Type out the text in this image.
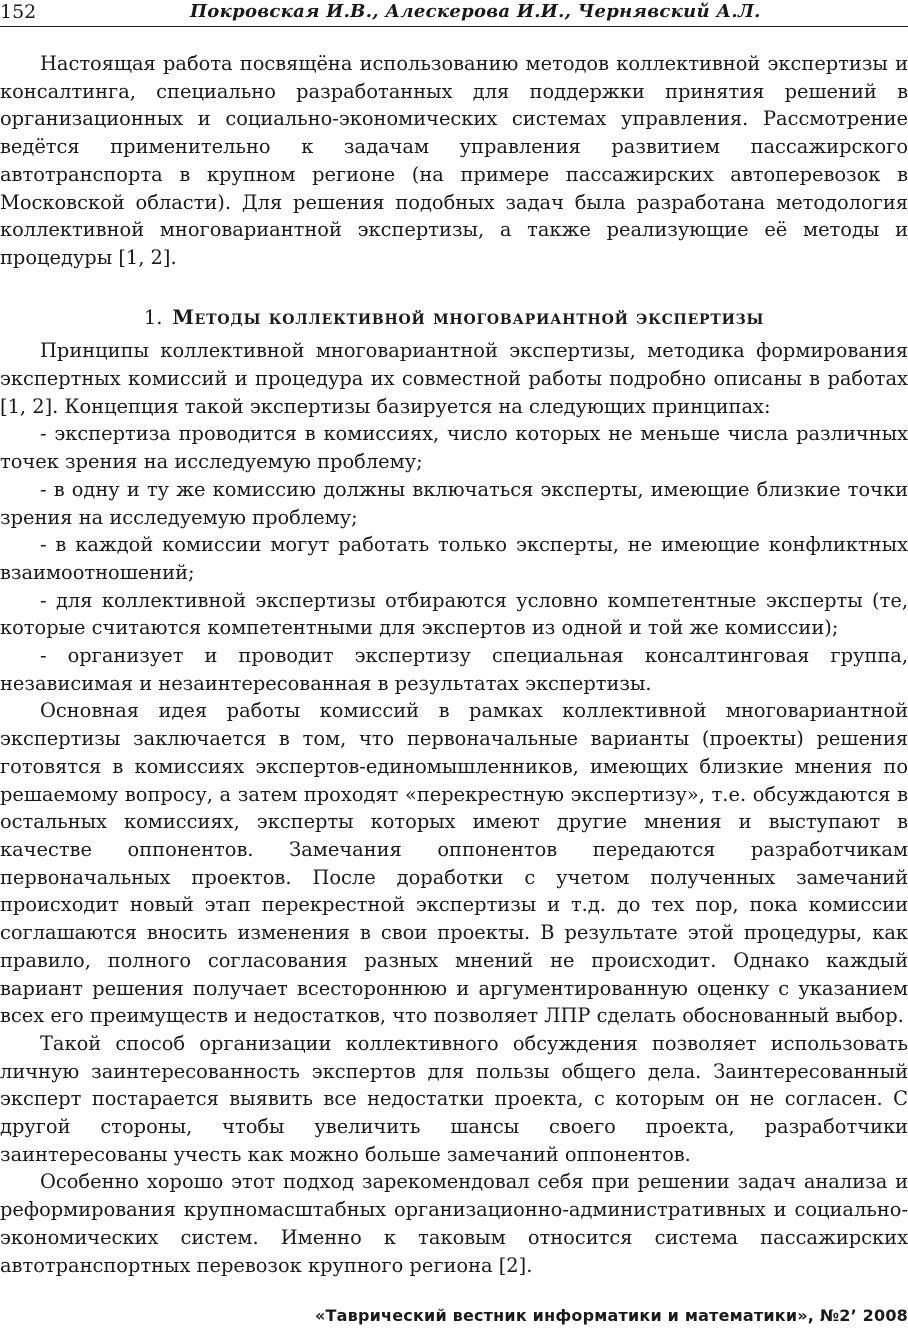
152	Покровская И.В., Алескерова И.И., Чернявский А.Л.

Настоящая работа посвящёна использованию методов коллективной экспертизы и консалтинга, специально разработанных для поддержки принятия решений в организационных и социально-экономических системах управления. Рассмотрение ведётся применительно к задачам управления развитием пассажирского автотранспорта в крупном регионе (на примере пассажирских автоперевозок в Московской области). Для решения подобных задач была разработана методология коллективной многовариантной экспертизы, а также реализующие её методы и процедуры [1, 2].

1. Методы коллективной многовариантной экспертизы

Принципы коллективной многовариантной экспертизы, методика формирования экспертных комиссий и процедура их совместной работы подробно описаны в работах [1, 2]. Концепция такой экспертизы базируется на следующих принципах:

- экспертиза проводится в комиссиях, число которых не меньше числа различных точек зрения на исследуемую проблему;

- в одну и ту же комиссию должны включаться эксперты, имеющие близкие точки зрения на исследуемую проблему;

- в каждой комиссии могут работать только эксперты, не имеющие конфликтных взаимоотношений;

- для коллективной экспертизы отбираются условно компетентные эксперты (те, которые считаются компетентными для экспертов из одной и той же комиссии);

- организует и проводит экспертизу специальная консалтинговая группа, независимая и незаинтересованная в результатах экспертизы.

Основная идея работы комиссий в рамках коллективной многовариантной экспертизы заключается в том, что первоначальные варианты (проекты) решения готовятся в комиссиях экспертов-единомышленников, имеющих близкие мнения по решаемому вопросу, а затем проходят «перекрестную экспертизу», т.е. обсуждаются в остальных комиссиях, эксперты которых имеют другие мнения и выступают в качестве оппонентов. Замечания оппонентов передаются разработчикам первоначальных проектов. После доработки с учетом полученных замечаний происходит новый этап перекрестной экспертизы и т.д. до тех пор, пока комиссии соглашаются вносить изменения в свои проекты. В результате этой процедуры, как правило, полного согласования разных мнений не происходит. Однако каждый вариант решения получает всестороннюю и аргументированную оценку с указанием всех его преимуществ и недостатков, что позволяет ЛПР сделать обоснованный выбор.

Такой способ организации коллективного обсуждения позволяет использовать личную заинтересованность экспертов для пользы общего дела. Заинтересованный эксперт постарается выявить все недостатки проекта, с которым он не согласен. С другой стороны, чтобы увеличить шансы своего проекта, разработчики заинтересованы учесть как можно больше замечаний оппонентов.

Особенно хорошо этот подход зарекомендовал себя при решении задач анализа и реформирования крупномасштабных организационно-административных и социально-экономических систем. Именно к таковым относится система пассажирских автотранспортных перевозок крупного региона [2].

«Таврический вестник информатики и математики», №2’ 2008
